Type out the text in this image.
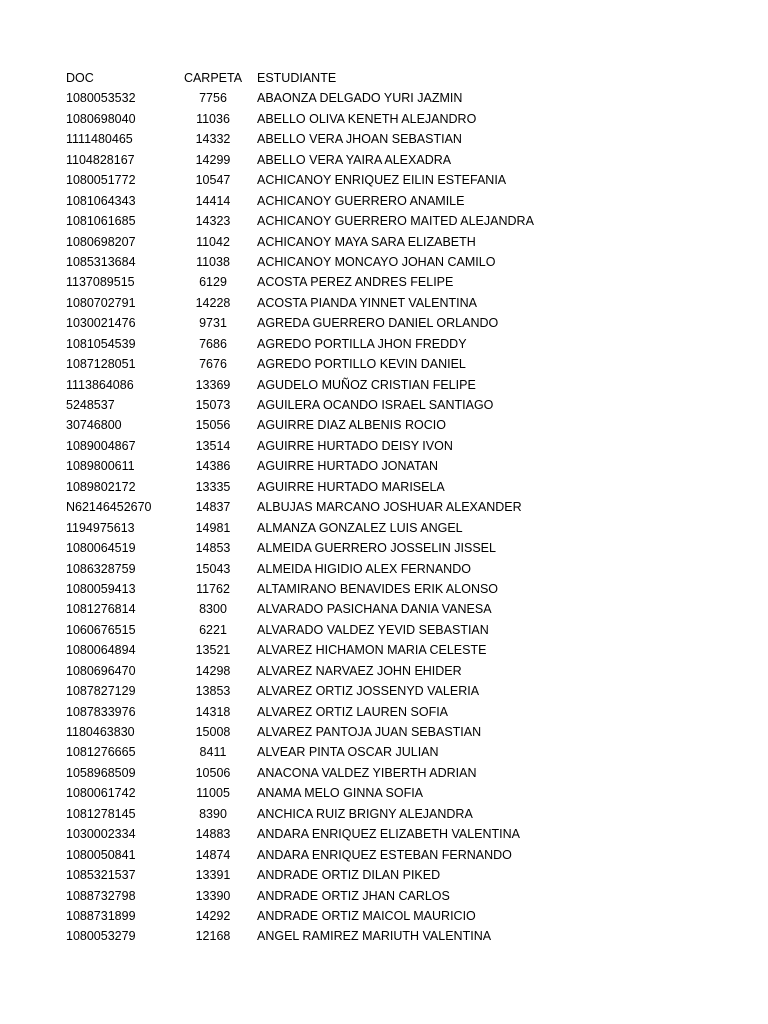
DOC	CARPETA	ESTUDIANTE
1080053532	7756	ABAONZA DELGADO YURI JAZMIN
1080698040	11036	ABELLO OLIVA KENETH ALEJANDRO
1111480465	14332	ABELLO VERA JHOAN SEBASTIAN
1104828167	14299	ABELLO VERA YAIRA ALEXADRA
1080051772	10547	ACHICANOY ENRIQUEZ EILIN ESTEFANIA
1081064343	14414	ACHICANOY GUERRERO ANAMILE
1081061685	14323	ACHICANOY GUERRERO MAITED ALEJANDRA
1080698207	11042	ACHICANOY MAYA SARA ELIZABETH
1085313684	11038	ACHICANOY MONCAYO JOHAN CAMILO
1137089515	6129	ACOSTA PEREZ ANDRES FELIPE
1080702791	14228	ACOSTA PIANDA YINNET VALENTINA
1030021476	9731	AGREDA GUERRERO DANIEL ORLANDO
1081054539	7686	AGREDO PORTILLA JHON FREDDY
1087128051	7676	AGREDO PORTILLO KEVIN DANIEL
1113864086	13369	AGUDELO MUÑOZ CRISTIAN FELIPE
5248537	15073	AGUILERA OCANDO ISRAEL SANTIAGO
30746800	15056	AGUIRRE DIAZ ALBENIS ROCIO
1089004867	13514	AGUIRRE HURTADO DEISY IVON
1089800611	14386	AGUIRRE HURTADO JONATAN
1089802172	13335	AGUIRRE HURTADO MARISELA
N62146452670	14837	ALBUJAS MARCANO JOSHUAR ALEXANDER
1194975613	14981	ALMANZA GONZALEZ LUIS ANGEL
1080064519	14853	ALMEIDA GUERRERO JOSSELIN JISSEL
1086328759	15043	ALMEIDA HIGIDIO ALEX FERNANDO
1080059413	11762	ALTAMIRANO BENAVIDES ERIK ALONSO
1081276814	8300	ALVARADO PASICHANA DANIA VANESA
1060676515	6221	ALVARADO VALDEZ YEVID SEBASTIAN
1080064894	13521	ALVAREZ HICHAMON MARIA CELESTE
1080696470	14298	ALVAREZ NARVAEZ JOHN EHIDER
1087827129	13853	ALVAREZ ORTIZ JOSSENYD VALERIA
1087833976	14318	ALVAREZ ORTIZ LAUREN SOFIA
1180463830	15008	ALVAREZ PANTOJA JUAN SEBASTIAN
1081276665	8411	ALVEAR PINTA OSCAR JULIAN
1058968509	10506	ANACONA VALDEZ YIBERTH ADRIAN
1080061742	11005	ANAMA MELO GINNA SOFIA
1081278145	8390	ANCHICA RUIZ BRIGNY ALEJANDRA
1030002334	14883	ANDARA ENRIQUEZ ELIZABETH VALENTINA
1080050841	14874	ANDARA ENRIQUEZ ESTEBAN FERNANDO
1085321537	13391	ANDRADE ORTIZ DILAN PIKED
1088732798	13390	ANDRADE ORTIZ JHAN CARLOS
1088731899	14292	ANDRADE ORTIZ MAICOL MAURICIO
1080053279	12168	ANGEL RAMIREZ MARIUTH VALENTINA
